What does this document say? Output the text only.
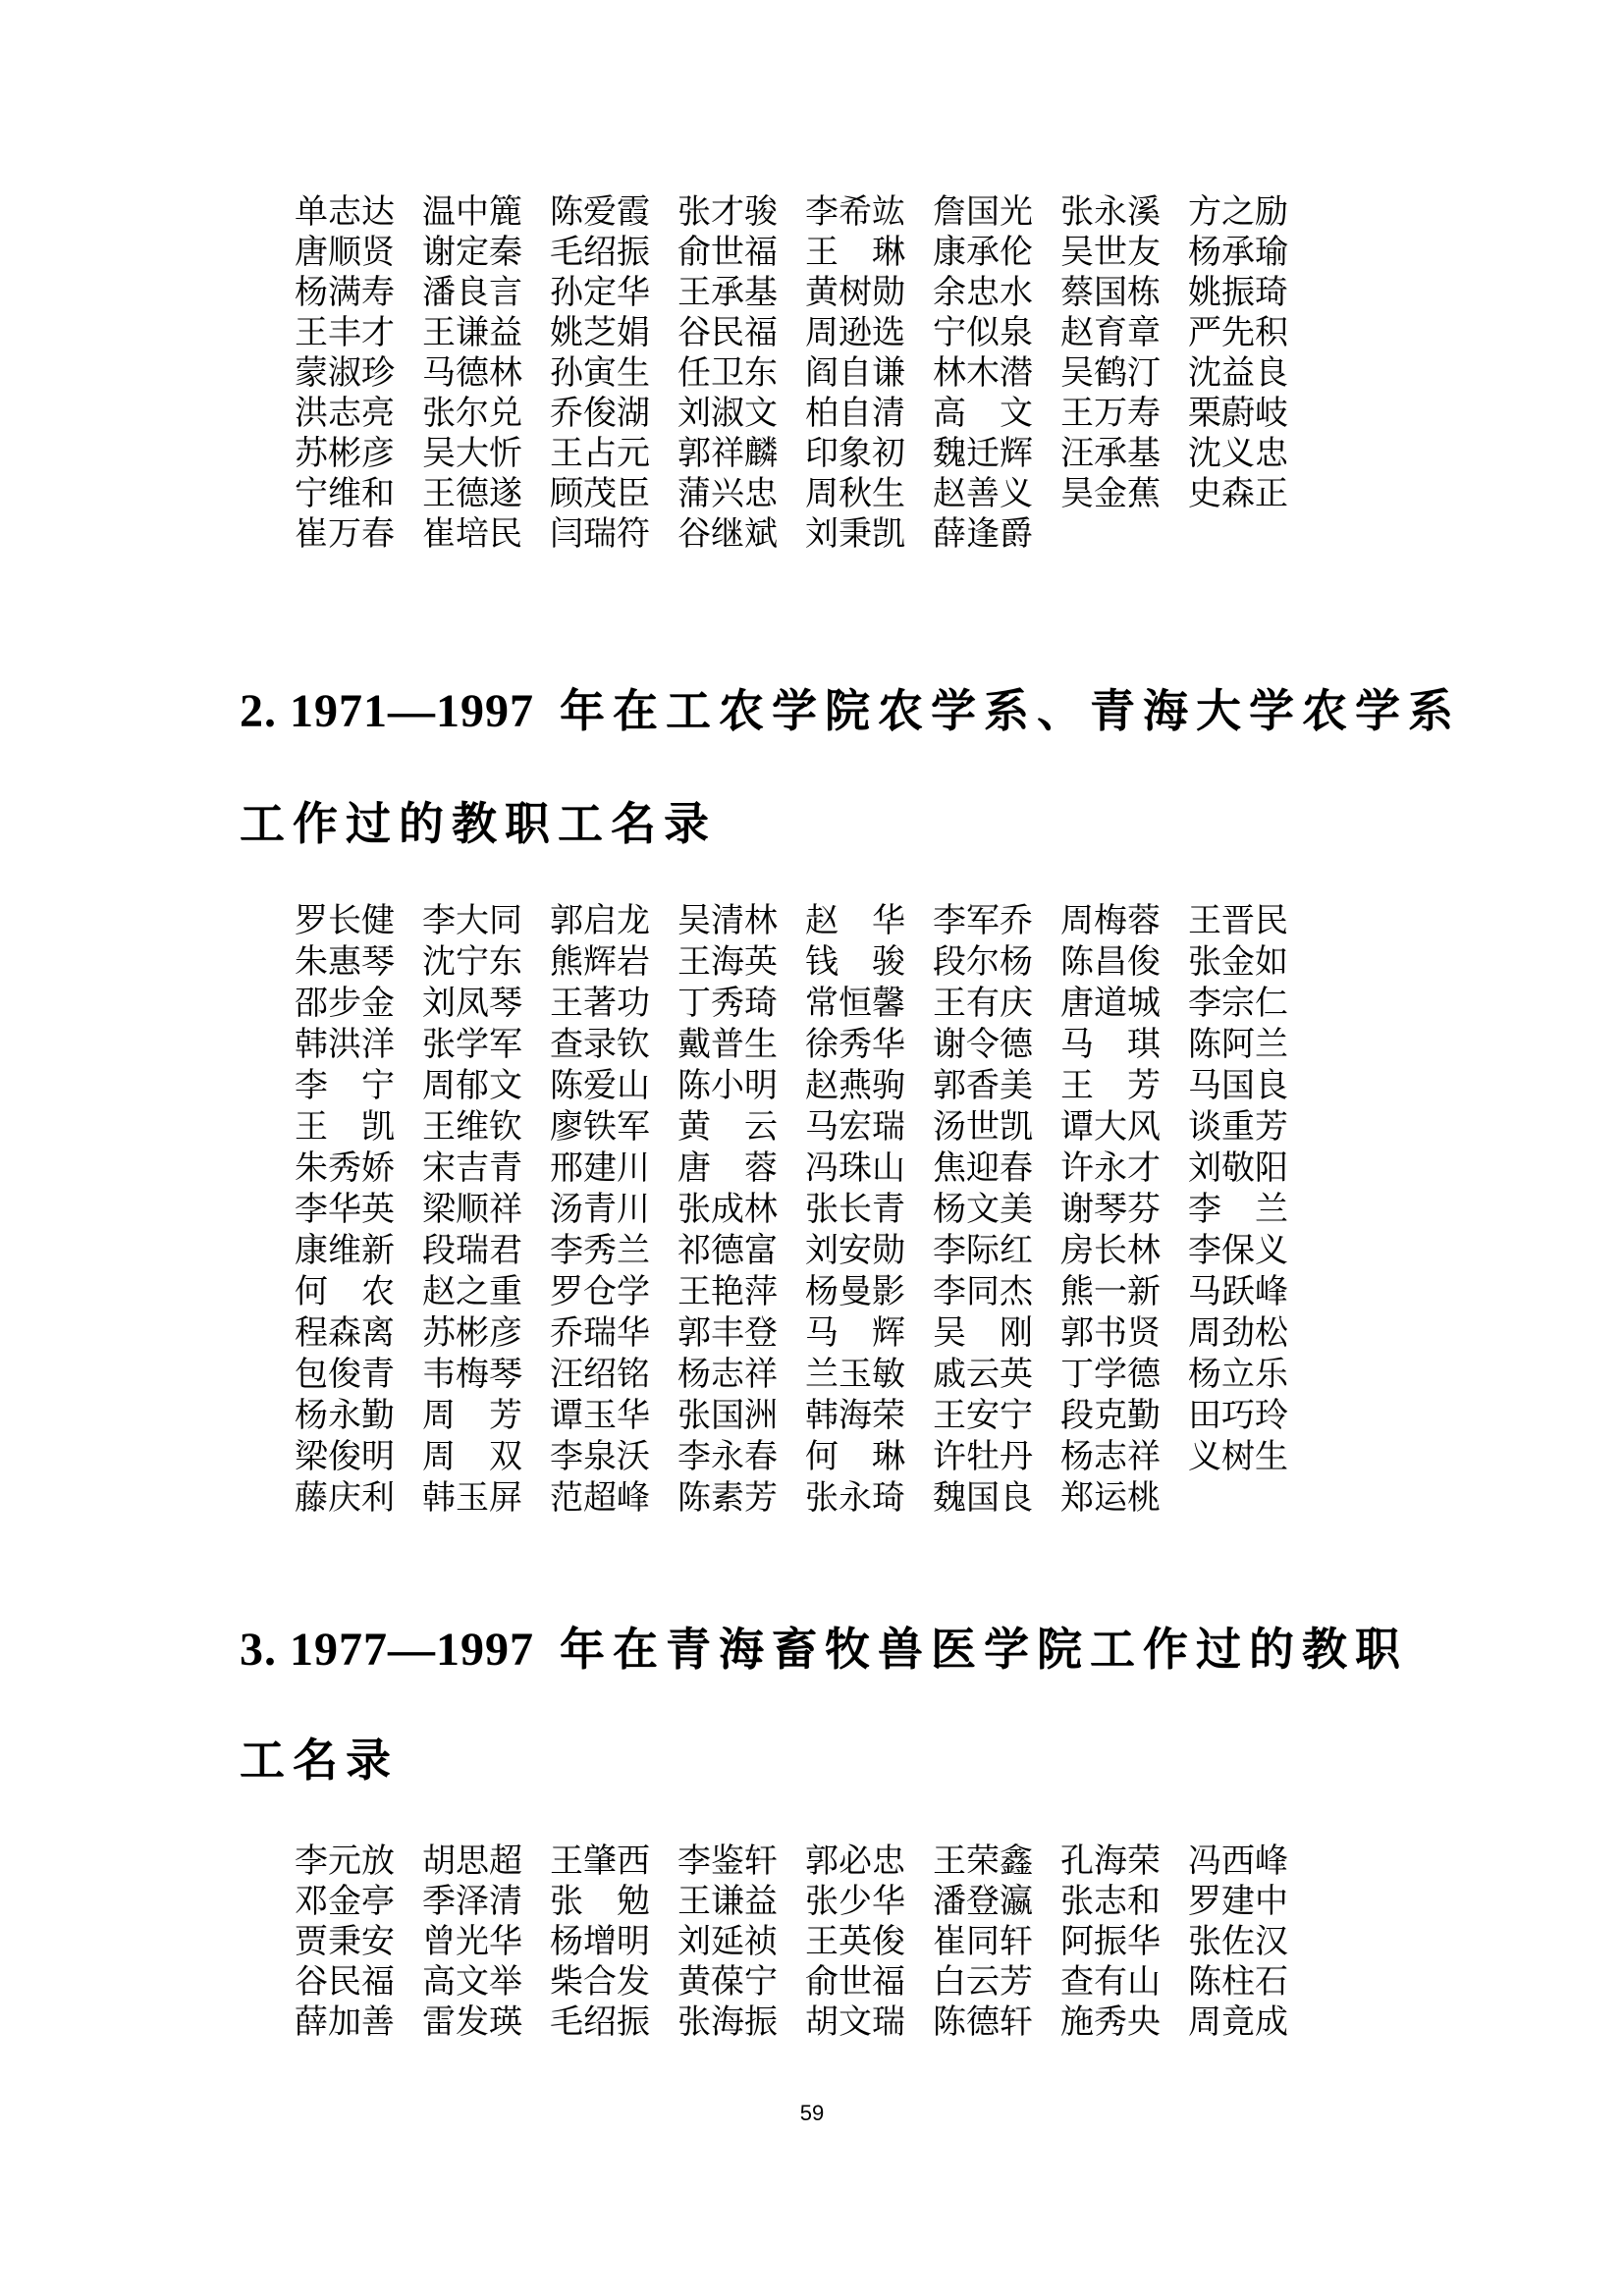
单 志 达 温 中 簏 陈 爱 霞 张 才 骏 李 希 竑 詹 国 光 张 永 溪 方 之 励
唐 顺 贤 谢 定 秦 毛 绍 振 俞 世 福 王 琳 康 承 伦 吴 世 友 杨 承 瑜
杨 满 寿 潘 良 言 孙 定 华 王 承 基 黄 树 勋 余 忠 水 蔡 国 栋 姚 振 琦
王 丰 才 王 谦 益 姚 芝 娟 谷 民 福 周 逊 选 宁 似 泉 赵 育 章 严 先 积
蒙 淑 珍 马 德 林 孙 寅 生 任 卫 东 阎 自 谦 林 木 潜 吴 鹤 汀 沈 益 良
洪 志 亮 张 尔 兑 乔 俊 湖 刘 淑 文 柏 自 清 高 文 王 万 寿 栗 蔚 岐
苏 彬 彦 吴 大 忻 王 占 元 郭 祥 麟 印 象 初 魏 迁 辉 汪 承 基 沈 义 忠
宁 维 和 王 德 遂 顾 茂 臣 蒲 兴 忠 周 秋 生 赵 善 义 昊 金 蕉 史 森 正
崔 万 春 崔 培 民 闫 瑞 符 谷 继 斌 刘 秉 凯 薛 逢 爵
2. 1971—1997 年在工农学院农学系、青海大学农学系
工作过的教职工名录
罗 长 健 李 大 同 郭 启 龙 吴 清 林 赵 华 李 军 乔 周 梅 蓉 王 晋 民
朱 惠 琴 沈 宁 东 熊 辉 岩 王 海 英 钱 骏 段 尔 杨 陈 昌 俊 张 金 如
邵 步 金 刘 凤 琴 王 著 功 丁 秀 琦 常 恒 馨 王 有 庆 唐 道 城 李 宗 仁
韩 洪 洋 张 学 军 查 录 钦 戴 普 生 徐 秀 华 谢 令 德 马 琪 陈 阿 兰
李 宁 周 郁 文 陈 爱 山 陈 小 明 赵 燕 驹 郭 香 美 王 芳 马 国 良
王 凯 王 维 钦 廖 铁 军 黄 云 马 宏 瑞 汤 世 凯 谭 大 风 谈 重 芳
朱 秀 娇 宋 吉 青 邢 建 川 唐 蓉 冯 珠 山 焦 迎 春 许 永 才 刘 敬 阳
李 华 英 梁 顺 祥 汤 青 川 张 成 林 张 长 青 杨 文 美 谢 琴 芬 李 兰
康 维 新 段 瑞 君 李 秀 兰 祁 德 富 刘 安 勋 李 际 红 房 长 林 李 保 义
何 农 赵 之 重 罗 仓 学 王 艳 萍 杨 曼 影 李 同 杰 熊 一 新 马 跃 峰
程 森 离 苏 彬 彦 乔 瑞 华 郭 丰 登 马 辉 吴 刚 郭 书 贤 周 劲 松
包 俊 青 韦 梅 琴 汪 绍 铭 杨 志 祥 兰 玉 敏 戚 云 英 丁 学 德 杨 立 乐
杨 永 勤 周 芳 谭 玉 华 张 国 洲 韩 海 荣 王 安 宁 段 克 勤 田 巧 玲
梁 俊 明 周 双 李 泉 沃 李 永 春 何 琳 许 牡 丹 杨 志 祥 义 树 生
藤 庆 利 韩 玉 屏 范 超 峰 陈 素 芳 张 永 琦 魏 国 良 郑 运 桃
3. 1977—1997 年在青海畜牧兽医学院工作过的教职
工名录
李 元 放 胡 思 超 王 肇 西 李 鉴 轩 郭 必 忠 王 荣 鑫 孔 海 荣 冯 西 峰
邓 金 亭 季 泽 清 张 勉 王 谦 益 张 少 华 潘 登 瀛 张 志 和 罗 建 中
贾 秉 安 曾 光 华 杨 增 明 刘 延 祯 王 英 俊 崔 同 轩 阿 振 华 张 佐 汉
谷 民 福 高 文 举 柴 合 发 黄 葆 宁 俞 世 福 白 云 芳 查 有 山 陈 柱 石
薛 加 善 雷 发 瑛 毛 绍 振 张 海 振 胡 文 瑞 陈 德 轩 施 秀 央 周 竟 成
59
